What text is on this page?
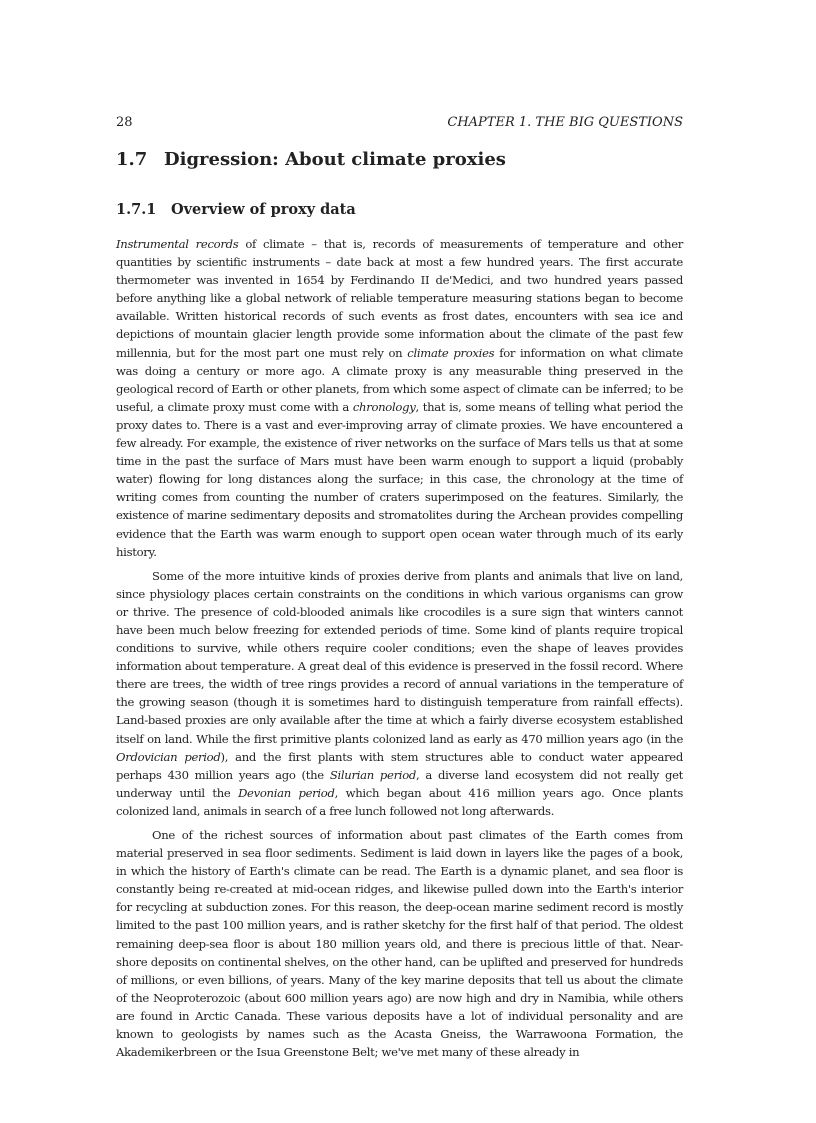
28	CHAPTER 1. THE BIG QUESTIONS
1.7 Digression: About climate proxies
1.7.1 Overview of proxy data

Instrumental records of climate – that is, records of measurements of temperature and other quantities by scientific instruments – date back at most a few hundred years. The first accurate thermometer was invented in 1654 by Ferdinando II de'Medici, and two hundred years passed before anything like a global network of reliable temperature measuring stations began to become available. Written historical records of such events as frost dates, encounters with sea ice and depictions of mountain glacier length provide some information about the climate of the past few millennia, but for the most part one must rely on climate proxies for information on what climate was doing a century or more ago. A climate proxy is any measurable thing preserved in the geological record of Earth or other planets, from which some aspect of climate can be inferred; to be useful, a climate proxy must come with a chronology, that is, some means of telling what period the proxy dates to. There is a vast and ever-improving array of climate proxies. We have encountered a few already. For example, the existence of river networks on the surface of Mars tells us that at some time in the past the surface of Mars must have been warm enough to support a liquid (probably water) flowing for long distances along the surface; in this case, the chronology at the time of writing comes from counting the number of craters superimposed on the features. Similarly, the existence of marine sedimentary deposits and stromatolites during the Archean provides compelling evidence that the Earth was warm enough to support open ocean water through much of its early history.

Some of the more intuitive kinds of proxies derive from plants and animals that live on land, since physiology places certain constraints on the conditions in which various organisms can grow or thrive. The presence of cold-blooded animals like crocodiles is a sure sign that winters cannot have been much below freezing for extended periods of time. Some kind of plants require tropical conditions to survive, while others require cooler conditions; even the shape of leaves provides information about temperature. A great deal of this evidence is preserved in the fossil record. Where there are trees, the width of tree rings provides a record of annual variations in the temperature of the growing season (though it is sometimes hard to distinguish temperature from rainfall effects). Land-based proxies are only available after the time at which a fairly diverse ecosystem established itself on land. While the first primitive plants colonized land as early as 470 million years ago (in the Ordovician period), and the first plants with stem structures able to conduct water appeared perhaps 430 million years ago (the Silurian period, a diverse land ecosystem did not really get underway until the Devonian period, which began about 416 million years ago. Once plants colonized land, animals in search of a free lunch followed not long afterwards.

One of the richest sources of information about past climates of the Earth comes from material preserved in sea floor sediments. Sediment is laid down in layers like the pages of a book, in which the history of Earth's climate can be read. The Earth is a dynamic planet, and sea floor is constantly being re-created at mid-ocean ridges, and likewise pulled down into the Earth's interior for recycling at subduction zones. For this reason, the deep-ocean marine sediment record is mostly limited to the past 100 million years, and is rather sketchy for the first half of that period. The oldest remaining deep-sea floor is about 180 million years old, and there is precious little of that. Near-shore deposits on continental shelves, on the other hand, can be uplifted and preserved for hundreds of millions, or even billions, of years. Many of the key marine deposits that tell us about the climate of the Neoproterozoic (about 600 million years ago) are now high and dry in Namibia, while others are found in Arctic Canada. These various deposits have a lot of individual personality and are known to geologists by names such as the Acasta Gneiss, the Warrawoona Formation, the Akademikerbreen or the Isua Greenstone Belt; we've met many of these already in
